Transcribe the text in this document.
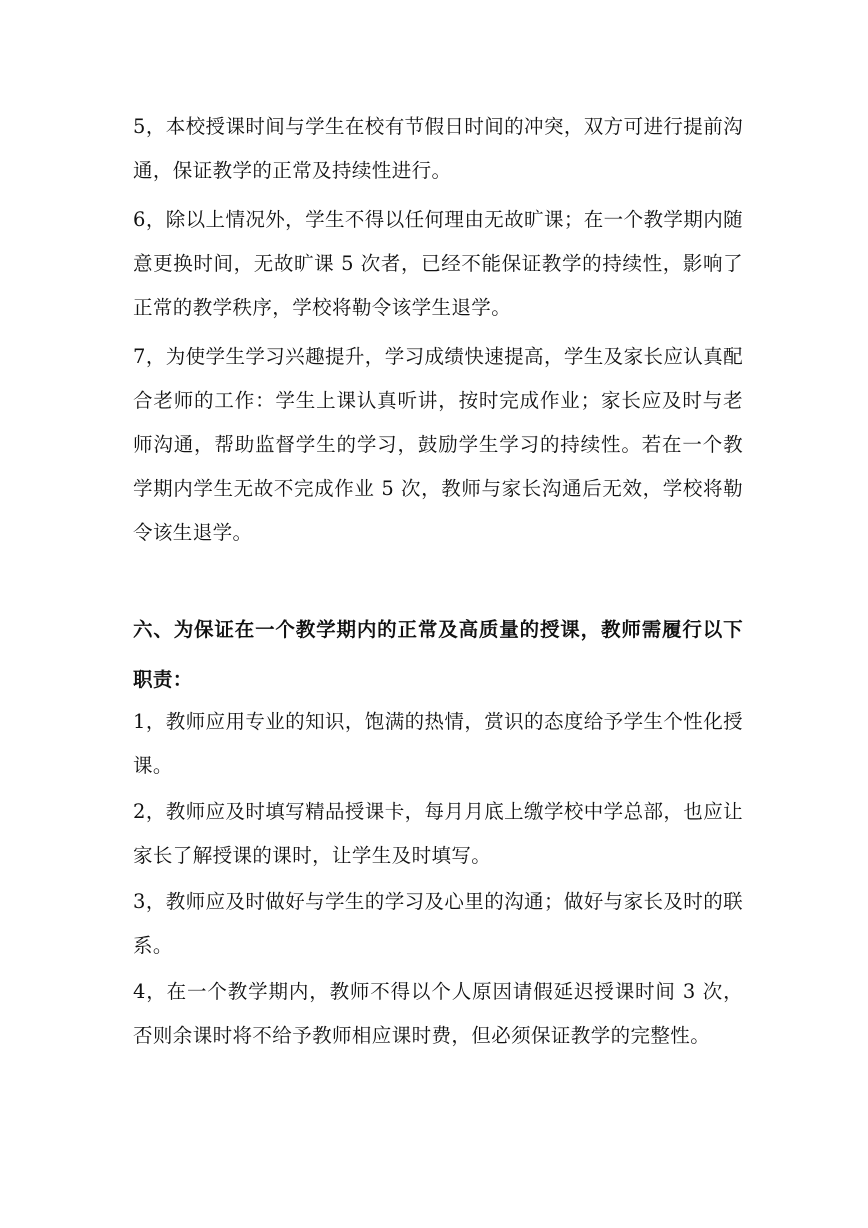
5，本校授课时间与学生在校有节假日时间的冲突，双方可进行提前沟通，保证教学的正常及持续性进行。

6，除以上情况外，学生不得以任何理由无故旷课；在一个教学期内随意更换时间，无故旷课 5 次者，已经不能保证教学的持续性，影响了正常的教学秩序，学校将勒令该学生退学。

7，为使学生学习兴趣提升，学习成绩快速提高，学生及家长应认真配合老师的工作：学生上课认真听讲，按时完成作业；家长应及时与老师沟通，帮助监督学生的学习，鼓励学生学习的持续性。若在一个教学期内学生无故不完成作业 5 次，教师与家长沟通后无效，学校将勒令该生退学。

六、为保证在一个教学期内的正常及高质量的授课，教师需履行以下职责：

1，教师应用专业的知识，饱满的热情，赏识的态度给予学生个性化授课。

2，教师应及时填写精品授课卡，每月月底上缴学校中学总部，也应让家长了解授课的课时，让学生及时填写。

3，教师应及时做好与学生的学习及心里的沟通；做好与家长及时的联系。

4，在一个教学期内，教师不得以个人原因请假延迟授课时间 3 次，否则余课时将不给予教师相应课时费，但必须保证教学的完整性。
